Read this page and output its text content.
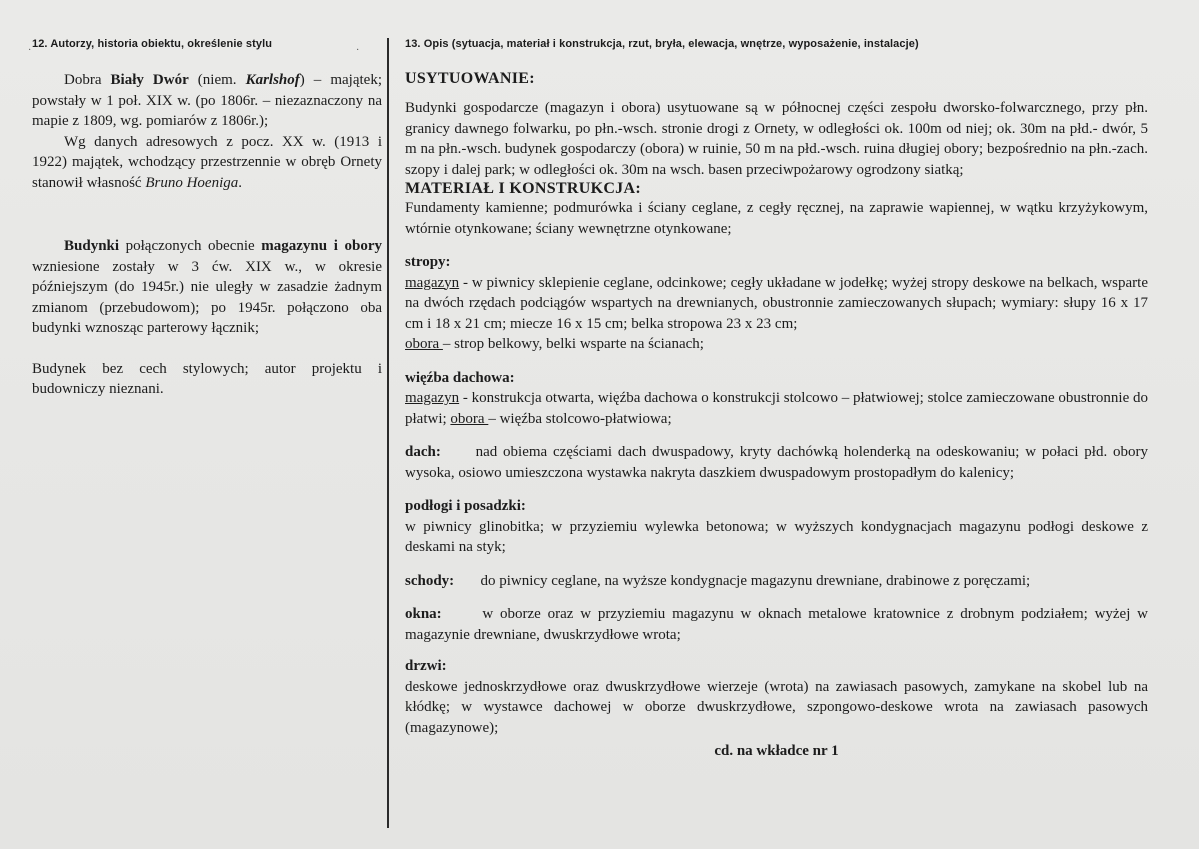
·	·
12. Autorzy, historia obiektu, określenie stylu

Dobra Biały Dwór (niem. Karlshof) – majątek; powstały w 1 poł. XIX w. (po 1806r. – niezaznaczony na mapie z 1809, wg. pomiarów z 1806r.);

Wg danych adresowych z pocz. XX w. (1913 i 1922) majątek, wchodzący przestrzennie w obręb Ornety stanowił własność Bruno Hoeniga.

Budynki połączonych obecnie magazynu i obory wzniesione zostały w 3 ćw. XIX w., w okresie późniejszym (do 1945r.) nie uległy w zasadzie żadnym zmianom (przebudowom); po 1945r. połączono oba budynki wznosząc parterowy łącznik;

Budynek bez cech stylowych; autor projektu i budowniczy nieznani.

13. Opis (sytuacja, materiał i konstrukcja, rzut, bryła, elewacja, wnętrze, wyposażenie, instalacje)
USYTUOWANIE:

Budynki gospodarcze (magazyn i obora) usytuowane są w północnej części zespołu dworsko-folwarcznego, przy płn. granicy dawnego folwarku, po płn.-wsch. stronie drogi z Ornety, w odległości ok. 100m od niej; ok. 30m na płd.- dwór, 5 m na płn.-wsch. budynek gospodarczy (obora) w ruinie, 50 m na płd.-wsch. ruina długiej obory; bezpośrednio na płn.-zach. szopy i dalej park; w odległości ok. 30m na wsch. basen przeciwpożarowy ogrodzony siatką;

MATERIAŁ I KONSTRUKCJA:

Fundamenty kamienne; podmurówka i ściany ceglane, z cegły ręcznej, na zaprawie wapiennej, w wątku krzyżykowym, wtórnie otynkowane; ściany wewnętrzne otynkowane;

stropy:

magazyn - w piwnicy sklepienie ceglane, odcinkowe; cegły układane w jodełkę; wyżej stropy deskowe na belkach, wsparte na dwóch rzędach podciągów wspartych na drewnianych, obustronnie zamieczowanych słupach; wymiary: słupy 16 x 17 cm i 18 x 21 cm; miecze 16 x 15 cm; belka stropowa 23 x 23 cm;

obora – strop belkowy, belki wsparte na ścianach;

więźba dachowa:

magazyn - konstrukcja otwarta, więźba dachowa o konstrukcji stolcowo – płatwiowej; stolce zamieczowane obustronnie do płatwi; obora – więźba stolcowo-płatwiowa;

dach: nad obiema częściami dach dwuspadowy, kryty dachówką holenderką na odeskowaniu; w połaci płd. obory wysoka, osiowo umieszczona wystawka nakryta daszkiem dwuspadowym prostopadłym do kalenicy;

podłogi i posadzki:

w piwnicy glinobitka; w przyziemiu wylewka betonowa; w wyższych kondygnacjach magazynu podłogi deskowe z deskami na styk;

schody: do piwnicy ceglane, na wyższe kondygnacje magazynu drewniane, drabinowe z poręczami;

okna:	w oborze oraz w przyziemiu magazynu w oknach metalowe kratownice z drobnym podziałem; wyżej w magazynie drewniane, dwuskrzydłowe wrota;

drzwi:

deskowe jednoskrzydłowe oraz dwuskrzydłowe wierzeje (wrota) na zawiasach pasowych, zamykane na skobel lub na kłódkę; w wystawce dachowej w oborze dwuskrzydłowe, szpongowo-deskowe wrota na zawiasach pasowych (magazynowe);

cd. na wkładce nr 1
